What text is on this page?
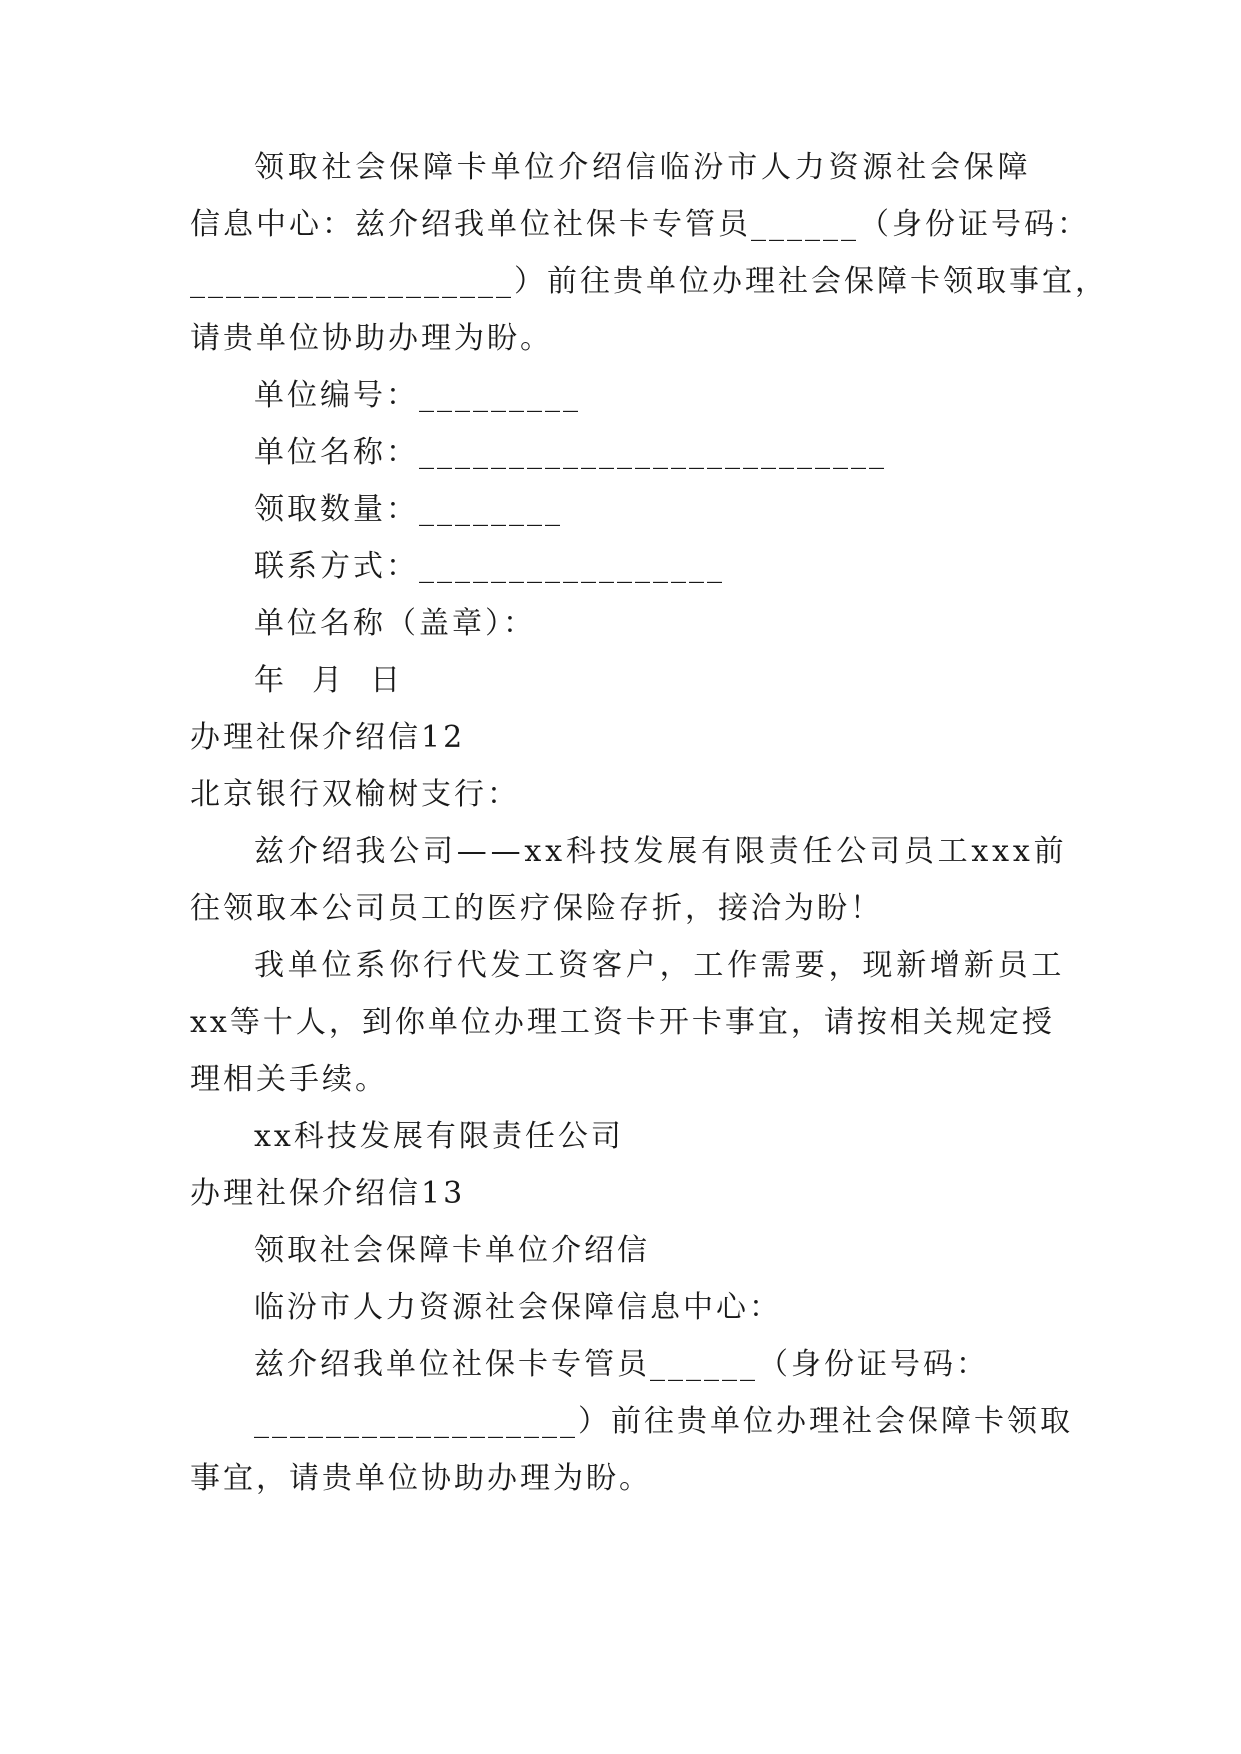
领取社会保障卡单位介绍信临汾市人力资源社会保障
信息中心：兹介绍我单位社保卡专管员______（身份证号码：
__________________）前往贵单位办理社会保障卡领取事宜，
请贵单位协助办理为盼。
单位编号：_________
单位名称：__________________________
领取数量：________
联系方式：_________________
单位名称（盖章）：
年  月  日
办理社保介绍信12
北京银行双榆树支行：
兹介绍我公司——xx科技发展有限责任公司员工xxx前
往领取本公司员工的医疗保险存折，接洽为盼！
我单位系你行代发工资客户，工作需要，现新增新员工
xx等十人，到你单位办理工资卡开卡事宜，请按相关规定授
理相关手续。
xx科技发展有限责任公司
办理社保介绍信13
领取社会保障卡单位介绍信
临汾市人力资源社会保障信息中心：
兹介绍我单位社保卡专管员______（身份证号码：
__________________）前往贵单位办理社会保障卡领取
事宜，请贵单位协助办理为盼。
